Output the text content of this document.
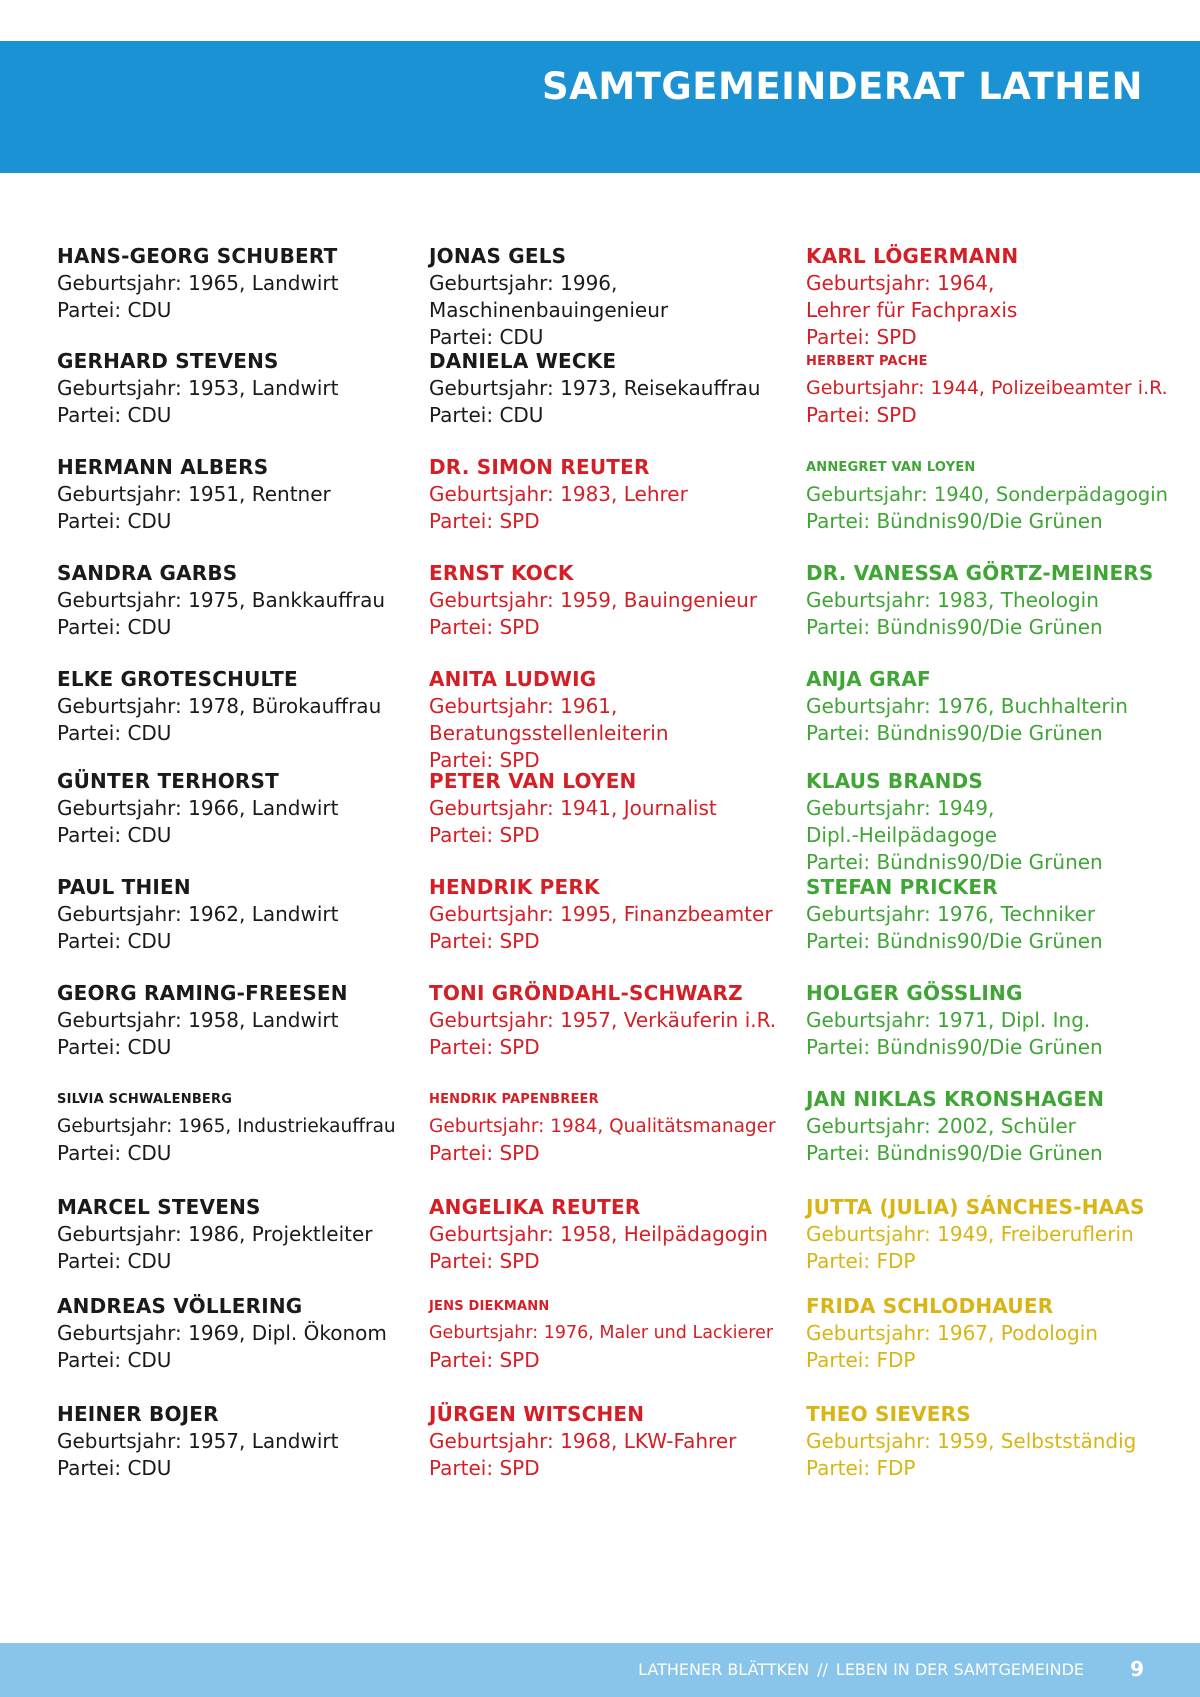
SAMTGEMEINDERAT LATHEN
HANS-GEORG SCHUBERT
Geburtsjahr: 1965, Landwirt
Partei: CDU
GERHARD STEVENS
Geburtsjahr: 1953, Landwirt
Partei: CDU
HERMANN ALBERS
Geburtsjahr: 1951, Rentner
Partei: CDU
SANDRA GARBS
Geburtsjahr: 1975, Bankkauffrau
Partei: CDU
ELKE GROTESCHULTE
Geburtsjahr: 1978, Bürokauffrau
Partei: CDU
GÜNTER TERHORST
Geburtsjahr: 1966, Landwirt
Partei: CDU
PAUL THIEN
Geburtsjahr: 1962, Landwirt
Partei: CDU
GEORG RAMING-FREESEN
Geburtsjahr: 1958, Landwirt
Partei: CDU
SILVIA SCHWALENBERG
Geburtsjahr: 1965, Industriekauffrau
Partei: CDU
MARCEL STEVENS
Geburtsjahr: 1986, Projektleiter
Partei: CDU
ANDREAS VÖLLERING
Geburtsjahr: 1969, Dipl. Ökonom
Partei: CDU
HEINER BOJER
Geburtsjahr: 1957, Landwirt
Partei: CDU
JONAS GELS
Geburtsjahr: 1996,
Maschinenbauingenieur
Partei: CDU
DANIELA WECKE
Geburtsjahr: 1973, Reisekauffrau
Partei: CDU
DR. SIMON REUTER
Geburtsjahr: 1983, Lehrer
Partei: SPD
ERNST KOCK
Geburtsjahr: 1959, Bauingenieur
Partei: SPD
ANITA LUDWIG
Geburtsjahr: 1961,
Beratungsstellenleiterin
Partei: SPD
PETER VAN LOYEN
Geburtsjahr: 1941, Journalist
Partei: SPD
HENDRIK PERK
Geburtsjahr: 1995, Finanzbeamter
Partei: SPD
TONI GRÖNDAHL-SCHWARZ
Geburtsjahr: 1957, Verkäuferin i.R.
Partei: SPD
HENDRIK PAPENBREER
Geburtsjahr: 1984, Qualitätsmanager
Partei: SPD
ANGELIKA REUTER
Geburtsjahr: 1958, Heilpädagogin
Partei: SPD
JENS DIEKMANN
Geburtsjahr: 1976, Maler und Lackierer
Partei: SPD
JÜRGEN WITSCHEN
Geburtsjahr: 1968, LKW-Fahrer
Partei: SPD
KARL LÖGERMANN
Geburtsjahr: 1964,
Lehrer für Fachpraxis
Partei: SPD
HERBERT PACHE
Geburtsjahr: 1944, Polizeibeamter i.R.
Partei: SPD
ANNEGRET VAN LOYEN
Geburtsjahr: 1940, Sonderpädagogin
Partei: Bündnis90/Die Grünen
DR. VANESSA GÖRTZ-MEINERS
Geburtsjahr: 1983, Theologin
Partei: Bündnis90/Die Grünen
ANJA GRAF
Geburtsjahr: 1976, Buchhalterin
Partei: Bündnis90/Die Grünen
KLAUS BRANDS
Geburtsjahr: 1949,
Dipl.-Heilpädagoge
Partei: Bündnis90/Die Grünen
STEFAN PRICKER
Geburtsjahr: 1976, Techniker
Partei: Bündnis90/Die Grünen
HOLGER GÖSSLING
Geburtsjahr: 1971, Dipl. Ing.
Partei: Bündnis90/Die Grünen
JAN NIKLAS KRONSHAGEN
Geburtsjahr: 2002, Schüler
Partei: Bündnis90/Die Grünen
JUTTA (JULIA) SÁNCHES-HAAS
Geburtsjahr: 1949, Freiberuflerin
Partei: FDP
FRIDA SCHLODHAUER
Geburtsjahr: 1967, Podologin
Partei: FDP
THEO SIEVERS
Geburtsjahr: 1959, Selbstständig
Partei: FDP
LATHENER BLÄTTKEN // LEBEN IN DER SAMTGEMEINDE 9
